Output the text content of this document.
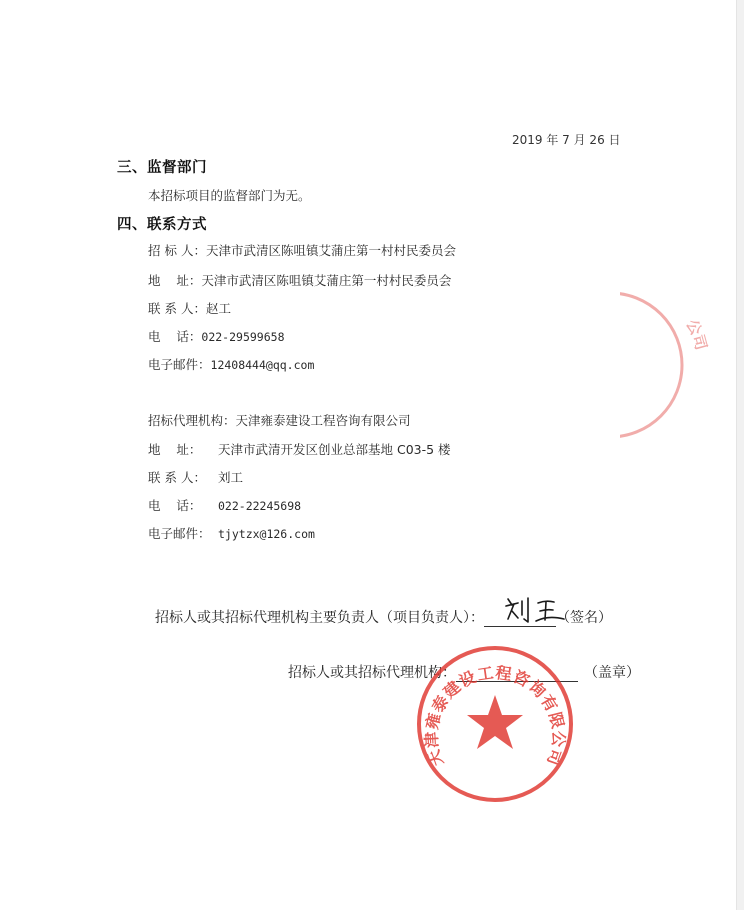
2019 年 7 月 26 日
三、监督部门
本招标项目的监督部门为无。
四、联系方式
招 标 人：天津市武清区陈咀镇艾蒲庄第一村村民委员会
地    址：天津市武清区陈咀镇艾蒲庄第一村村民委员会
联 系 人：赵工
电    话：022-29599658
电子邮件：12408444@qq.com
招标代理机构：天津雍泰建设工程咨询有限公司
地    址： 天津市武清开发区创业总部基地 C03-5 楼
联 系 人： 刘工
电    话： 022-22245698
电子邮件： tjytzx@126.com
招标人或其招标代理机构主要负责人（项目负责人）：	（签名）
招标人或其招标代理机构：	（盖章）
天津雍泰建设工程咨询有限公司
公司
